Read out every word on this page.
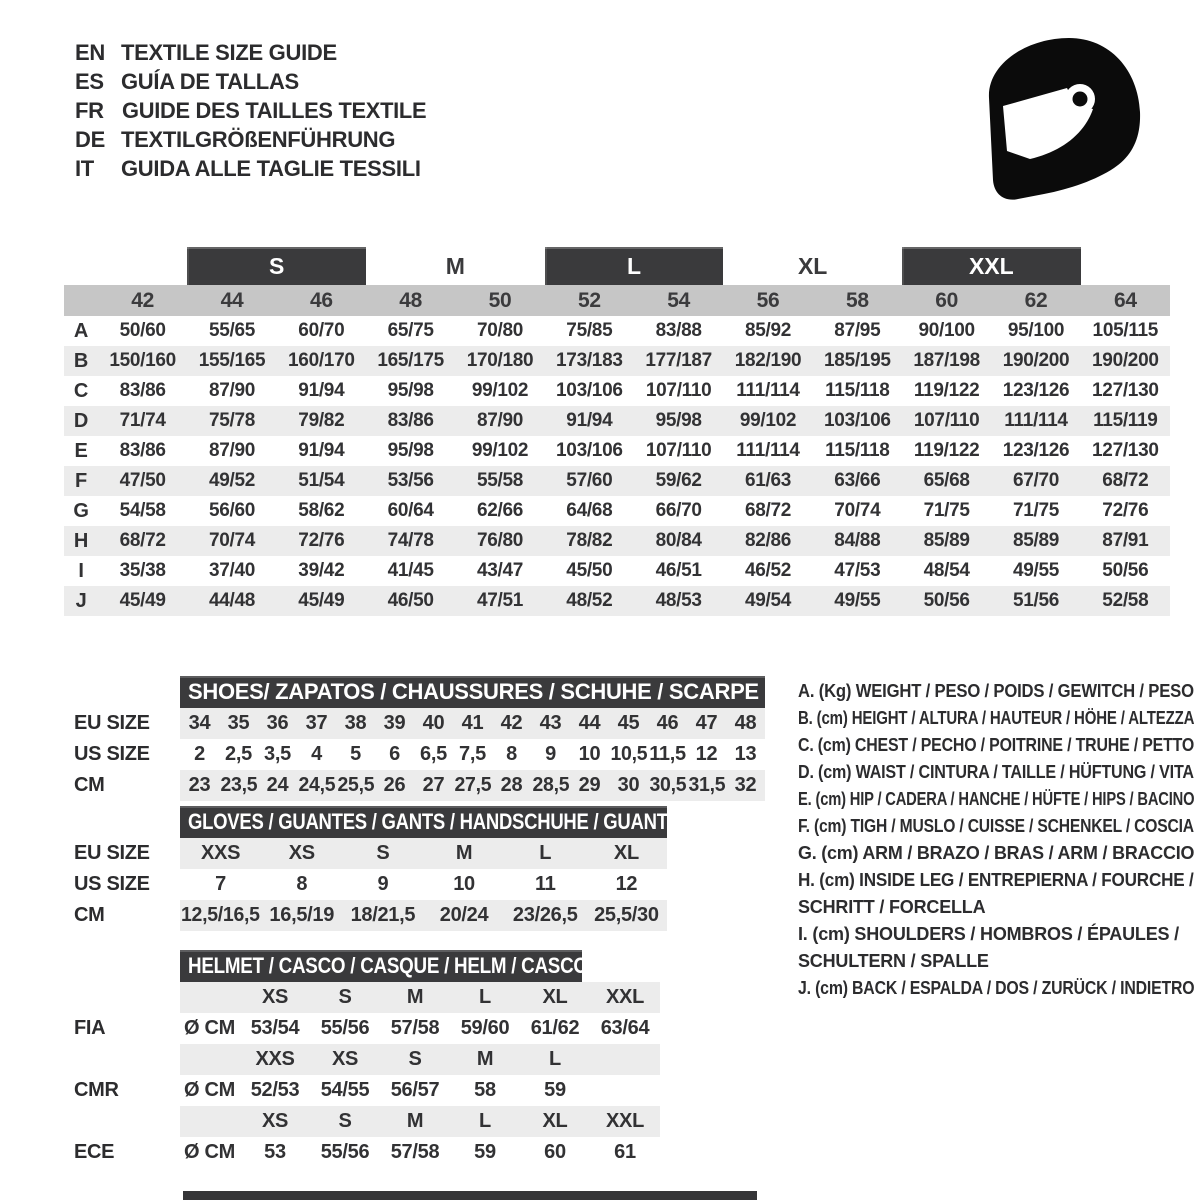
EN TEXTILE SIZE GUIDE
ES GUÍA DE TALLAS
FR GUIDE DES TAILLES TEXTILE
DE TEXTILGRÖßENFÜHRUNG
IT	GUIDA ALLE TAGLIE TESSILI
S	M	L	XL	XXL
42	44	46	48	50	52	54	56	58	60	62	64
A 50/60 55/65 60/70 65/75 70/80 75/85 83/88 85/92 87/95 90/100 95/100 105/115
B 150/160 155/165 160/170 165/175 170/180 173/183 177/187 182/190 185/195 187/198 190/200 190/200
C 83/86 87/90 91/94 95/98 99/102 103/106 107/110 111/114 115/118 119/122 123/126 127/130
D 71/74 75/78 79/82 83/86 87/90 91/94 95/98 99/102 103/106 107/110 111/114 115/119
E 83/86 87/90 91/94 95/98 99/102 103/106 107/110 111/114 115/118 119/122 123/126 127/130
F 47/50 49/52 51/54 53/56 55/58 57/60 59/62 61/63 63/66 65/68 67/70 68/72
G 54/58 56/60 58/62 60/64 62/66 64/68 66/70 68/72 70/74 71/75 71/75 72/76
H 68/72 70/74 72/76 74/78 76/80 78/82 80/84 82/86 84/88 85/89 85/89 87/91
I 35/38 37/40 39/42 41/45 43/47 45/50 46/51 46/52 47/53 48/54 49/55 50/56
J 45/49 44/48 45/49 46/50 47/51 48/52 48/53 49/54 49/55 50/56 51/56 52/58
SHOES/ ZAPATOS / CHAUSSURES / SCHUHE / SCARPE
EU SIZE 34 35 36 37 38 39 40 41 42 43 44 45 46 47 48
US SIZE 2 2,5 3,5 4 5 6 6,5 7,5 8 9 10 10,5 11,5 12 13
CM	23 23,5 24 24,5 25,5 26 27 27,5 28 28,5 29 30 30,5 31,5 32
GLOVES / GUANTES / GANTS / HANDSCHUHE / GUANTI
EU SIZE	XXS XS	S	M	L	XL
US SIZE	7	8	9	10	11	12
CM	12,5/16,5 16,5/19 18/21,5 20/24 23/26,5 25,5/30
HELMET / CASCO / CASQUE / HELM / CASCO
XS	S	M	L	XL XXL
FIA	Ø CM 53/54 55/56 57/58 59/60 61/62 63/64
XXS XS	S	M	L
CMR	Ø CM 52/53 54/55 56/57 58 59
XS	S	M	L	XL XXL
ECE	Ø CM 53 55/56 57/58 59 60 61
A. (Kg) WEIGHT / PESO / POIDS / GEWITCH / PESO
B. (cm) HEIGHT / ALTURA / HAUTEUR / HÖHE / ALTEZZA
C. (cm) CHEST / PECHO / POITRINE / TRUHE / PETTO
D. (cm) WAIST / CINTURA / TAILLE / HÜFTUNG / VITA
E. (cm) HIP / CADERA / HANCHE / HÜFTE / HIPS / BACINO
F. (cm) TIGH / MUSLO / CUISSE / SCHENKEL / COSCIA
G. (cm) ARM / BRAZO / BRAS / ARM / BRACCIO
H. (cm) INSIDE LEG / ENTREPIERNA / FOURCHE /
SCHRITT / FORCELLA
I. (cm) SHOULDERS / HOMBROS / ÉPAULES /
SCHULTERN / SPALLE
J. (cm) BACK / ESPALDA / DOS / ZURÜCK / INDIETRO
